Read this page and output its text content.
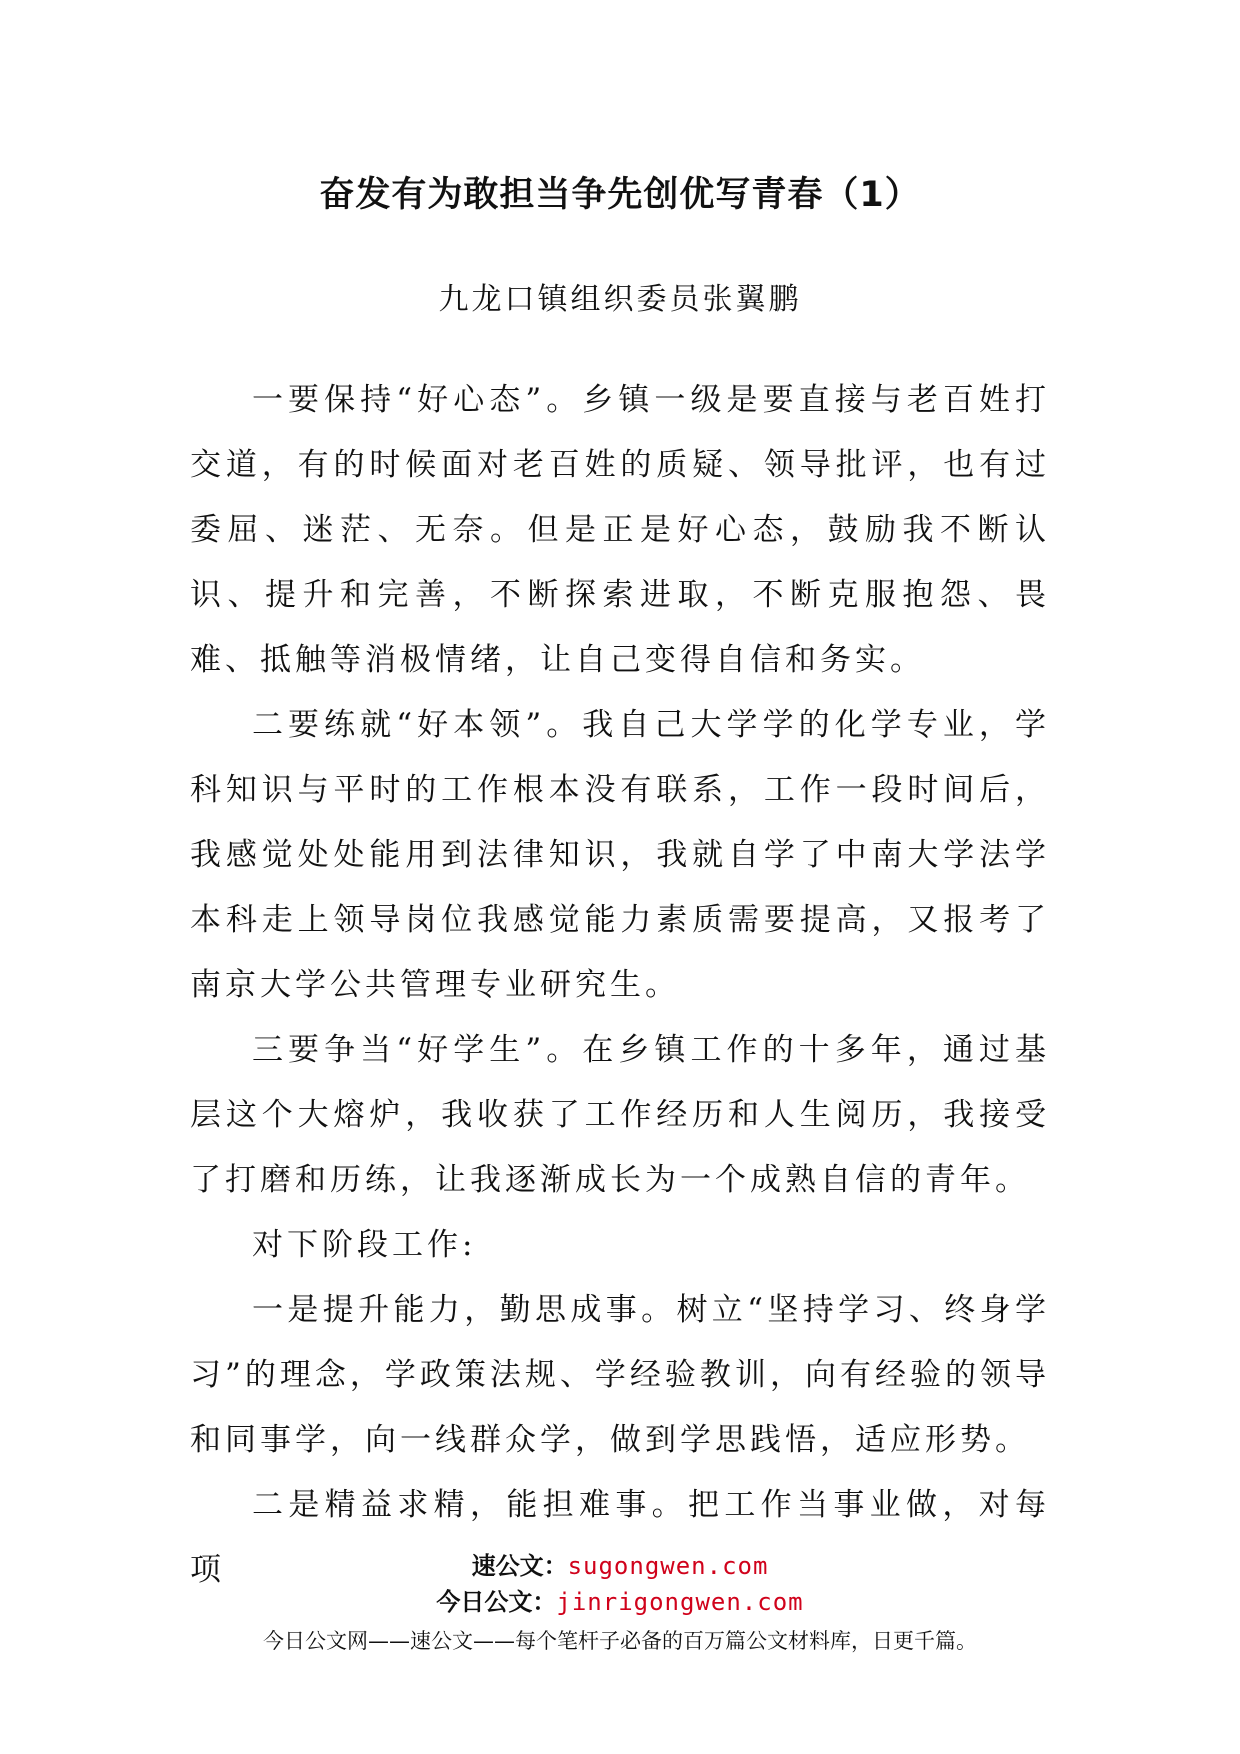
奋发有为敢担当争先创优写青春（1）
九龙口镇组织委员张翼鹏

一要保持“好心态”。乡镇一级是要直接与老百姓打交道，有的时候面对老百姓的质疑、领导批评，也有过委屈、迷茫、无奈。但是正是好心态，鼓励我不断认识、提升和完善，不断探索进取，不断克服抱怨、畏难、抵触等消极情绪，让自己变得自信和务实。

二要练就“好本领”。我自己大学学的化学专业，学科知识与平时的工作根本没有联系，工作一段时间后，我感觉处处能用到法律知识，我就自学了中南大学法学本科走上领导岗位我感觉能力素质需要提高，又报考了南京大学公共管理专业研究生。

三要争当“好学生”。在乡镇工作的十多年，通过基层这个大熔炉，我收获了工作经历和人生阅历，我接受了打磨和历练，让我逐渐成长为一个成熟自信的青年。

对下阶段工作:

一是提升能力，勤思成事。树立“坚持学习、终身学习”的理念，学政策法规、学经验教训，向有经验的领导和同事学，向一线群众学，做到学思践悟，适应形势。

二是精益求精，能担难事。把工作当事业做，对每项	速公文：sugongwen.com
今日公文：jinrigongwen.com
今日公文网——速公文——每个笔杆子必备的百万篇公文材料库，日更千篇。
